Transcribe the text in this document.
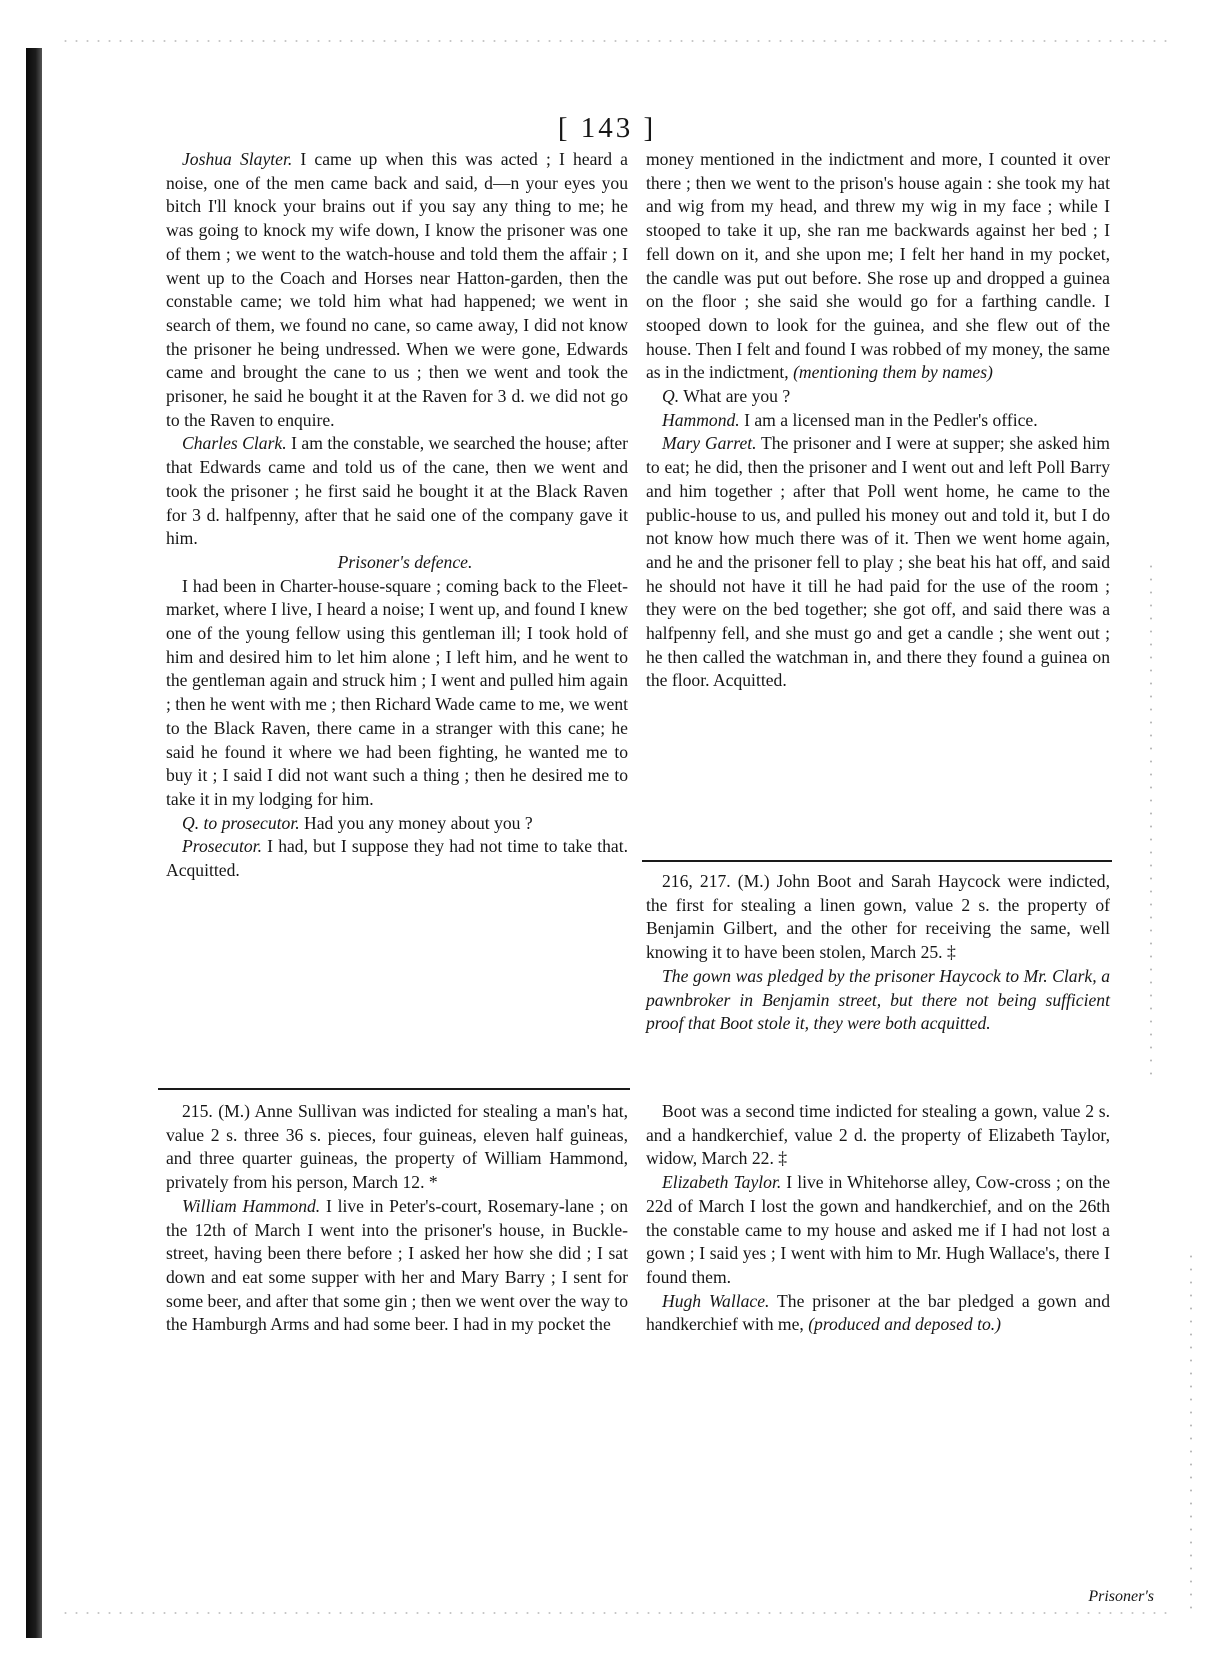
[ 143 ]

Joshua Slayter. I came up when this was acted ; I heard a noise, one of the men came back and said, d—n your eyes you bitch I'll knock your brains out if you say any thing to me; he was going to knock my wife down, I know the prisoner was one of them ; we went to the watch-house and told them the affair ; I went up to the Coach and Horses near Hatton-garden, then the constable came; we told him what had happened; we went in search of them, we found no cane, so came away, I did not know the prisoner he being undressed. When we were gone, Edwards came and brought the cane to us ; then we went and took the prisoner, he said he bought it at the Raven for 3 d. we did not go to the Raven to enquire.

Charles Clark. I am the constable, we searched the house; after that Edwards came and told us of the cane, then we went and took the prisoner ; he first said he bought it at the Black Raven for 3 d. halfpenny, after that he said one of the company gave it him.

Prisoner's defence.

I had been in Charter-house-square ; coming back to the Fleet-market, where I live, I heard a noise; I went up, and found I knew one of the young fellow using this gentleman ill; I took hold of him and desired him to let him alone ; I left him, and he went to the gentleman again and struck him ; I went and pulled him again ; then he went with me ; then Richard Wade came to me, we went to the Black Raven, there came in a stranger with this cane; he said he found it where we had been fighting, he wanted me to buy it ; I said I did not want such a thing ; then he desired me to take it in my lodging for him.

Q. to prosecutor. Had you any money about you ?

Prosecutor. I had, but I suppose they had not time to take that. Acquitted.

215. (M.) Anne Sullivan was indicted for stealing a man's hat, value 2 s. three 36 s. pieces, four guineas, eleven half guineas, and three quarter guineas, the property of William Hammond, privately from his person, March 12. *

William Hammond. I live in Peter's-court, Rosemary-lane ; on the 12th of March I went into the prisoner's house, in Buckle-street, having been there before ; I asked her how she did ; I sat down and eat some supper with her and Mary Barry ; I sent for some beer, and after that some gin ; then we went over the way to the Hamburgh Arms and had some beer. I had in my pocket the

money mentioned in the indictment and more, I counted it over there ; then we went to the prison's house again : she took my hat and wig from my head, and threw my wig in my face ; while I stooped to take it up, she ran me backwards against her bed ; I fell down on it, and she upon me; I felt her hand in my pocket, the candle was put out before. She rose up and dropped a guinea on the floor ; she said she would go for a farthing candle. I stooped down to look for the guinea, and she flew out of the house. Then I felt and found I was robbed of my money, the same as in the indictment, (mentioning them by names)

Q. What are you ?

Hammond. I am a licensed man in the Pedler's office.

Mary Garret. The prisoner and I were at supper; she asked him to eat; he did, then the prisoner and I went out and left Poll Barry and him together ; after that Poll went home, he came to the public-house to us, and pulled his money out and told it, but I do not know how much there was of it. Then we went home again, and he and the prisoner fell to play ; she beat his hat off, and said he should not have it till he had paid for the use of the room ; they were on the bed together; she got off, and said there was a halfpenny fell, and she must go and get a candle ; she went out ; he then called the watchman in, and there they found a guinea on the floor. Acquitted.

216, 217. (M.) John Boot and Sarah Haycock were indicted, the first for stealing a linen gown, value 2 s. the property of Benjamin Gilbert, and the other for receiving the same, well knowing it to have been stolen, March 25. ‡

The gown was pledged by the prisoner Haycock to Mr. Clark, a pawnbroker in Benjamin street, but there not being sufficient proof that Boot stole it, they were both acquitted.

Boot was a second time indicted for stealing a gown, value 2 s. and a handkerchief, value 2 d. the property of Elizabeth Taylor, widow, March 22. ‡

Elizabeth Taylor. I live in Whitehorse alley, Cow-cross ; on the 22d of March I lost the gown and handkerchief, and on the 26th the constable came to my house and asked me if I had not lost a gown ; I said yes ; I went with him to Mr. Hugh Wallace's, there I found them.

Hugh Wallace. The prisoner at the bar pledged a gown and handkerchief with me, (produced and deposed to.)

Prisoner's
